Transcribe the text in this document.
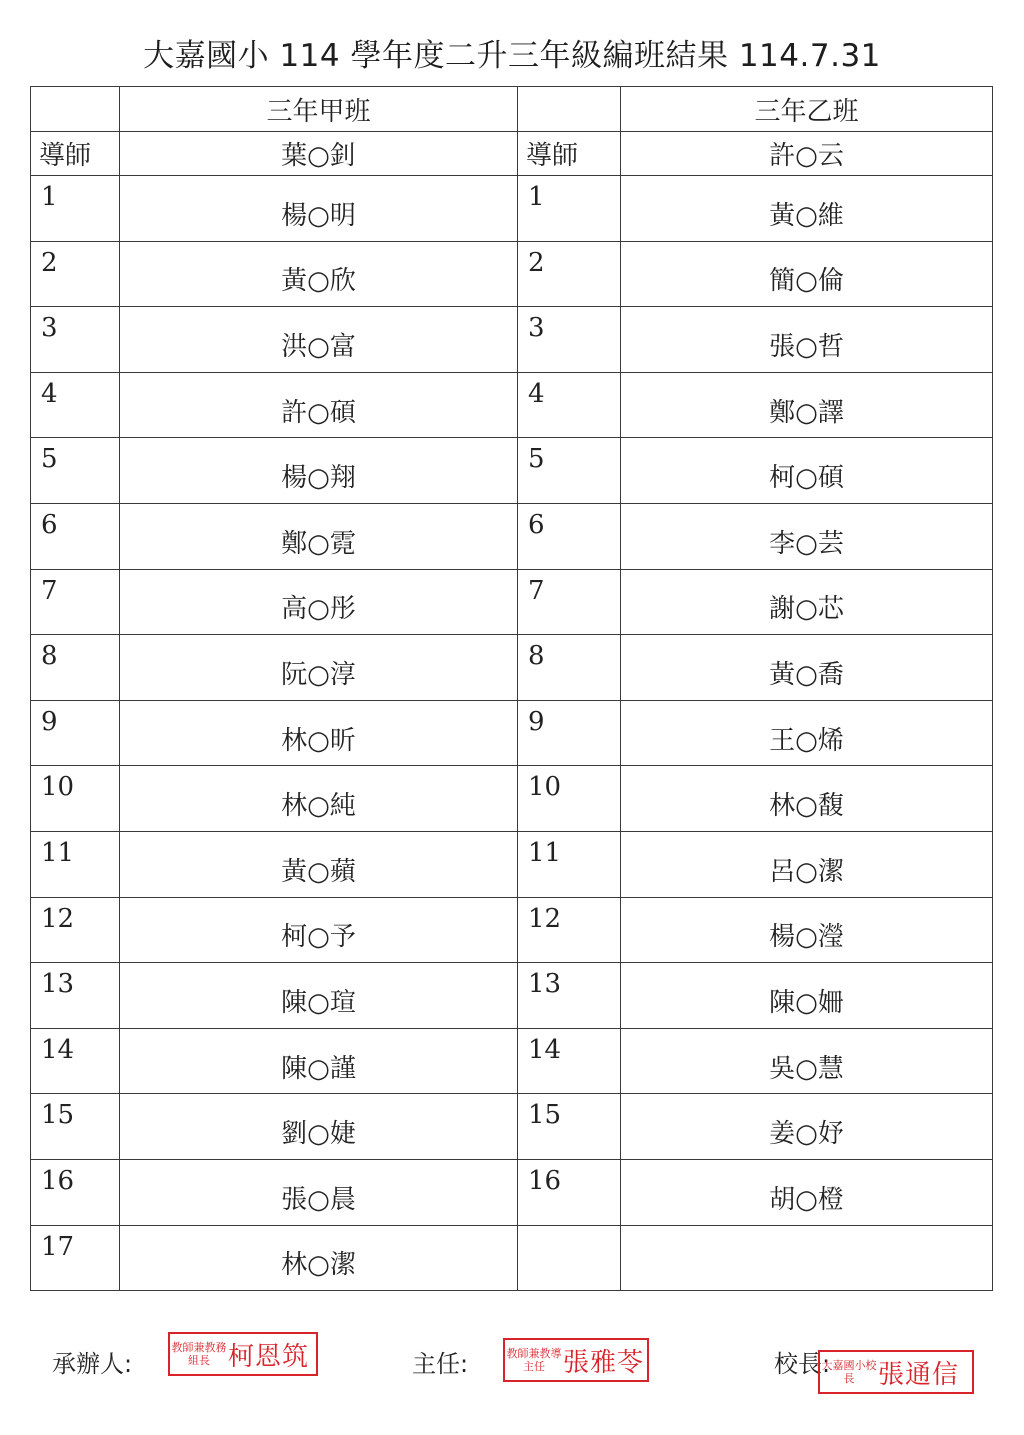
大嘉國小 114 學年度二升三年級編班結果 114.7.31
	三年甲班		三年乙班
導師	葉○釗	導師	許○云
1	楊○明	1	黃○維
2	黃○欣	2	簡○倫
3	洪○富	3	張○哲
4	許○碩	4	鄭○譯
5	楊○翔	5	柯○碩
6	鄭○霓	6	李○芸
7	高○彤	7	謝○芯
8	阮○淳	8	黃○喬
9	林○昕	9	王○烯
10	林○純	10	林○馥
11	黃○蘋	11	呂○潔
12	柯○予	12	楊○瀅
13	陳○瑄	13	陳○姍
14	陳○謹	14	吳○慧
15	劉○婕	15	姜○妤
16	張○晨	16	胡○橙
17	林○潔		
承辦人:
教師兼教務組長 柯恩筑	主任:	教師兼教導主任 張雅苓	校長:
大嘉國小校長 張通信
